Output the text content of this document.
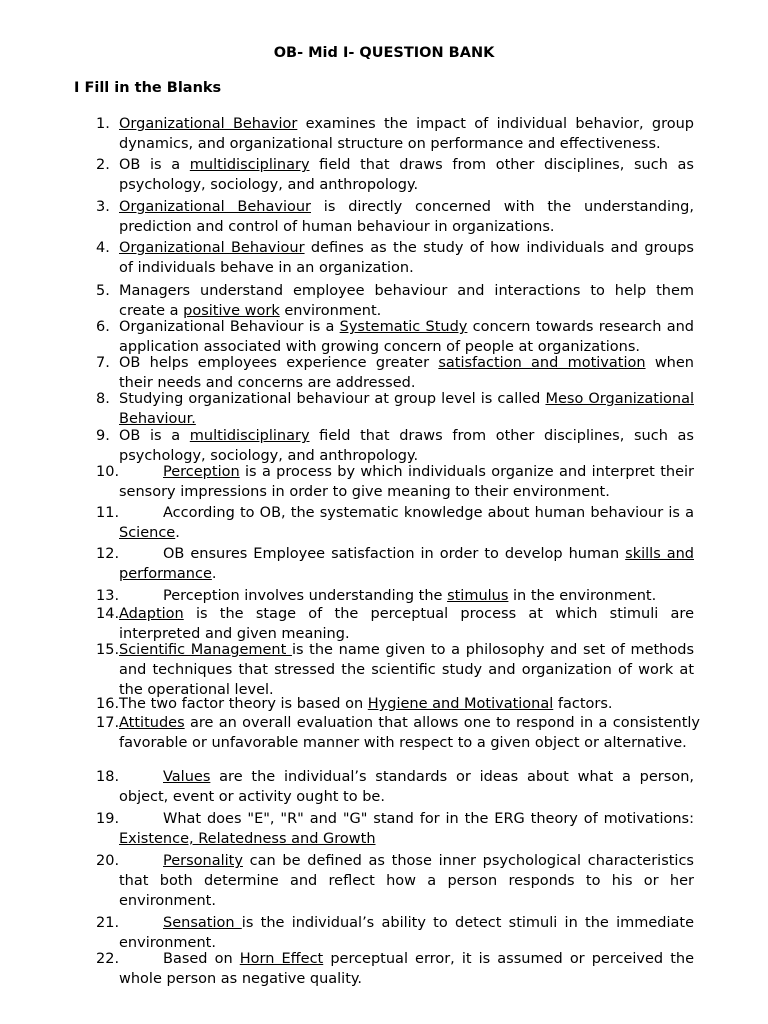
OB- Mid I- QUESTION BANK
I Fill in the Blanks
1. Organizational Behavior examines the impact of individual behavior, group dynamics, and organizational structure on performance and effectiveness.
2. OB is a multidisciplinary field that draws from other disciplines, such as psychology, sociology, and anthropology.
3. Organizational Behaviour is directly concerned with the understanding, prediction and control of human behaviour in organizations.
4. Organizational Behaviour defines as the study of how individuals and groups of individuals behave in an organization.
5. Managers understand employee behaviour and interactions to help them create a positive work environment.
6. Organizational Behaviour is a Systematic Study concern towards research and application associated with growing concern of people at organizations.
7. OB helps employees experience greater satisfaction and motivation when their needs and concerns are addressed.
8. Studying organizational behaviour at group level is called Meso Organizational Behaviour.
9. OB is a multidisciplinary field that draws from other disciplines, such as psychology, sociology, and anthropology.
10.	Perception is a process by which individuals organize and interpret their sensory impressions in order to give meaning to their environment.
11.	According to OB, the systematic knowledge about human behaviour is a Science.
12.	OB ensures Employee satisfaction in order to develop human skills and performance.
13.	Perception involves understanding the stimulus in the environment.
14. Adaption is the stage of the perceptual process at which stimuli are interpreted and given meaning.
15. Scientific Management is the name given to a philosophy and set of methods and techniques that stressed the scientific study and organization of work at the operational level.
16. The two factor theory is based on Hygiene and Motivational factors.
17. Attitudes are an overall evaluation that allows one to respond in a consistently favorable or unfavorable manner with respect to a given object or alternative.
18.	Values are the individual’s standards or ideas about what a person, object, event or activity ought to be.
19.	What does "E", "R" and "G" stand for in the ERG theory of motivations: Existence, Relatedness and Growth
20.	Personality can be defined as those inner psychological characteristics that both determine and reflect how a person responds to his or her environment.
21.	Sensation is the individual’s ability to detect stimuli in the immediate environment.
22.	Based on Horn Effect perceptual error, it is assumed or perceived the whole person as negative quality.
